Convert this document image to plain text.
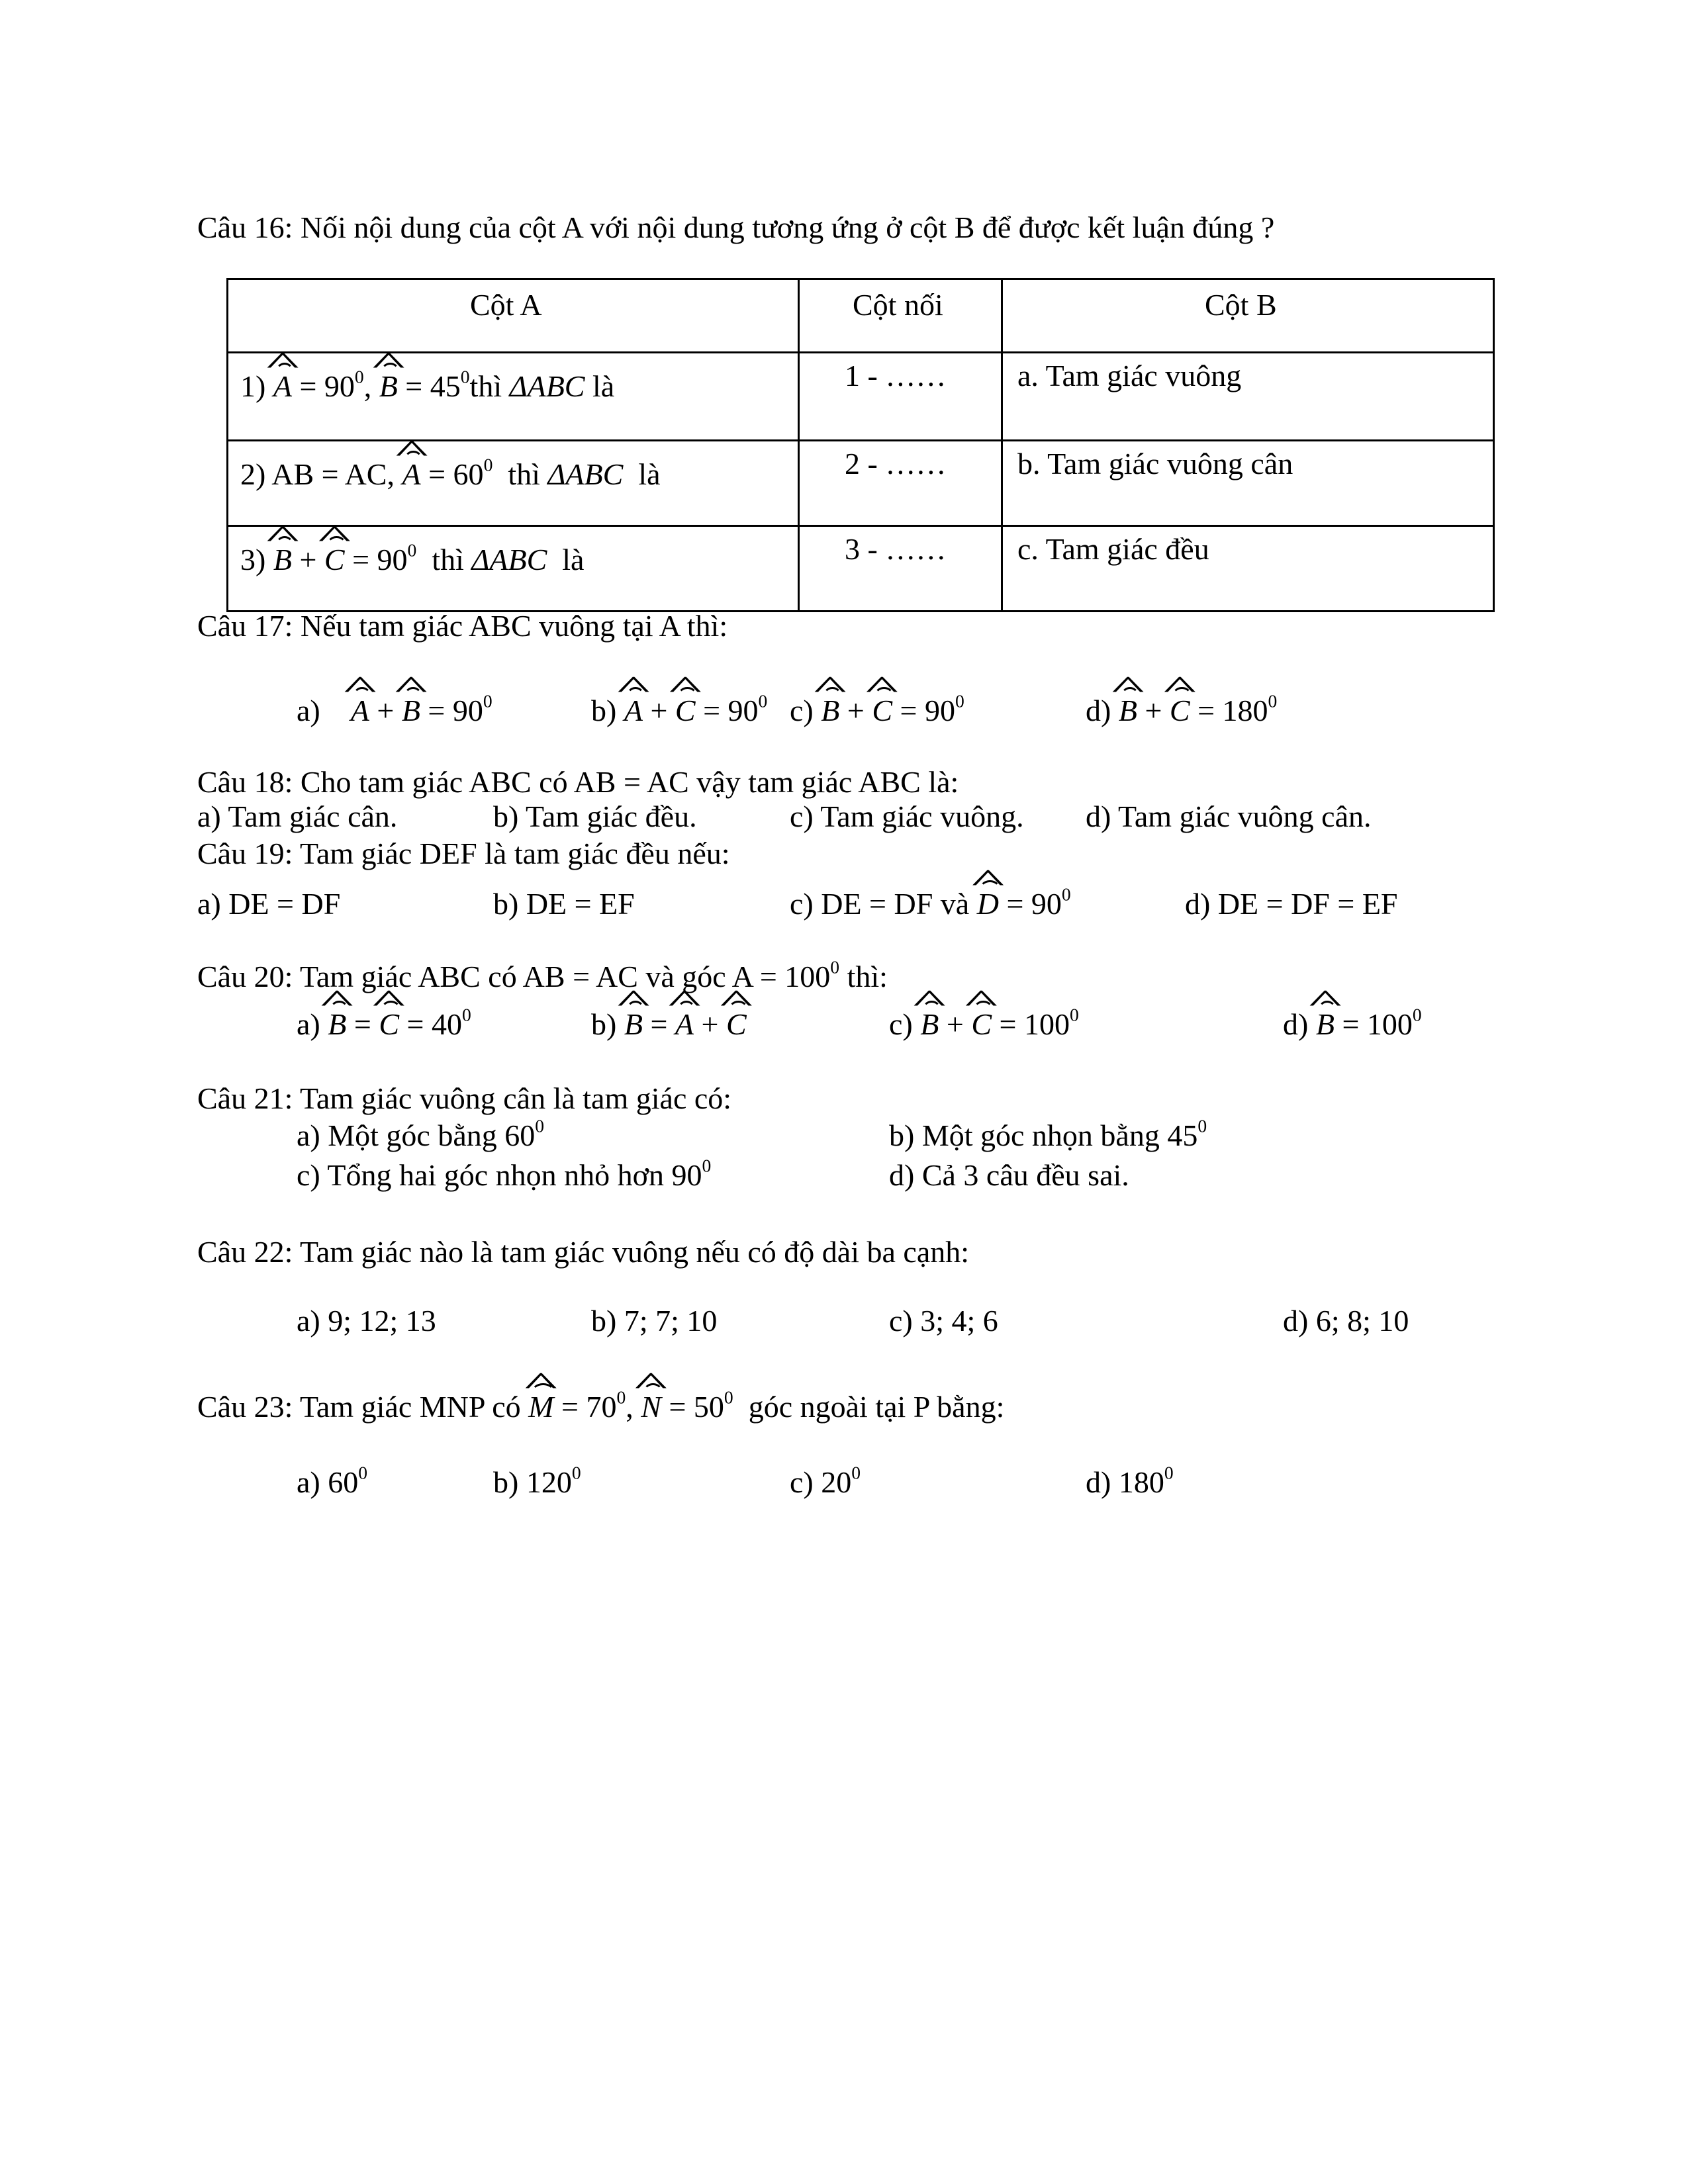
Câu 16: Nối nội dung của cột A với nội dung tương ứng ở cột B để được kết luận đúng ?
Cột A	Cột nối	Cột B

1) A ^ = $90^0$, B ^ = $45^0thì$ ΔABC là	1 - ……	a. Tam giác vuông

2) AB = AC, A ^ = $60^0$ thì ΔABC là	2 - ……	b. Tam giác vuông cân

3) B ^ + C ^ = $90^0$ thì ΔABC là	3 - ……	c. Tam giác đều
Câu 17: Nếu tam giác ABC vuông tại A thì:
a) A ^ + B ^ = $90^0$	b) A ^ + C ^ = $90^0$ c) B ^ + C ^ = $90^0$	d) B ^ + C ^ = $180^0$
Câu 18: Cho tam giác ABC có AB = AC vậy tam giác ABC là:
a) Tam giác cân.	b) Tam giác đều.	c) Tam giác vuông. d) Tam giác vuông cân.
Câu 19: Tam giác DEF là tam giác đều nếu:
a) DE = DF	b) DE = EF	c) DE = DF và D ^ = $90^0$	d) DE = DF = EF
Câu 20: Tam giác ABC có AB = AC và góc $A = 100^0$ thì:
a) B ^ = C ^ = $40^0$	b) B ^ = A ^ + C ^	c) B ^ + C ^ = $100^0$	d) B ^ = $100^0$
Câu 21: Tam giác vuông cân là tam giác có:
a) Một góc bằng $60^0$	b) Một góc nhọn bằng $45^0$
c) Tổng hai góc nhọn nhỏ hơn $90^0$	d) Cả 3 câu đều sai.
Câu 22: Tam giác nào là tam giác vuông nếu có độ dài ba cạnh:
a) 9; 12; 13	b) 7; 7; 10	c) 3; 4; 6	d) 6; 8; 10
Câu 23: Tam giác MNP có M ^ = $70^0$, N ^ = $50^0$ góc ngoài tại P bằng:
a) $60^0$	b) $120^0$	c) $20^0$	d) $180^0$
